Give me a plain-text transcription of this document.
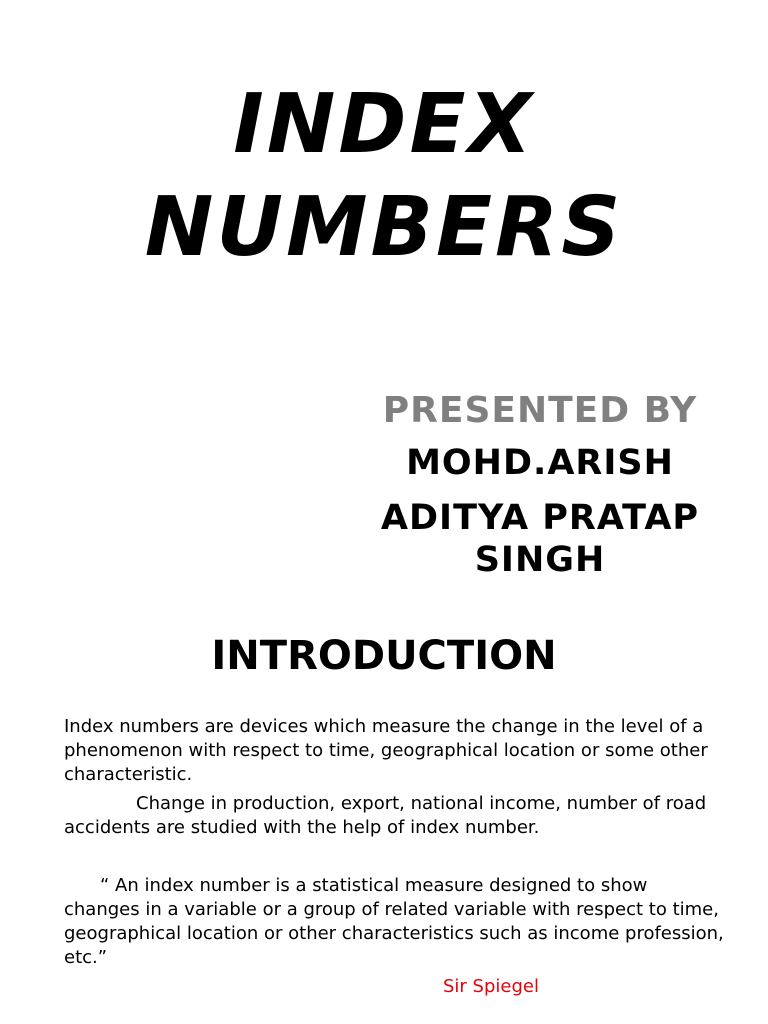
INDEX
NUMBERS
PRESENTED BY
MOHD.ARISH
ADITYA PRATAP SINGH
INTRODUCTION

Index numbers are devices which measure the change in the level of a phenomenon with respect to time, geographical location or some other characteristic.

Change in production, export, national income, number of road accidents are studied with the help of index number.

“ An index number is a statistical measure designed to show changes in a variable or a group of related variable with respect to time, geographical location or other characteristics such as income profession, etc.”

Sir Spiegel
